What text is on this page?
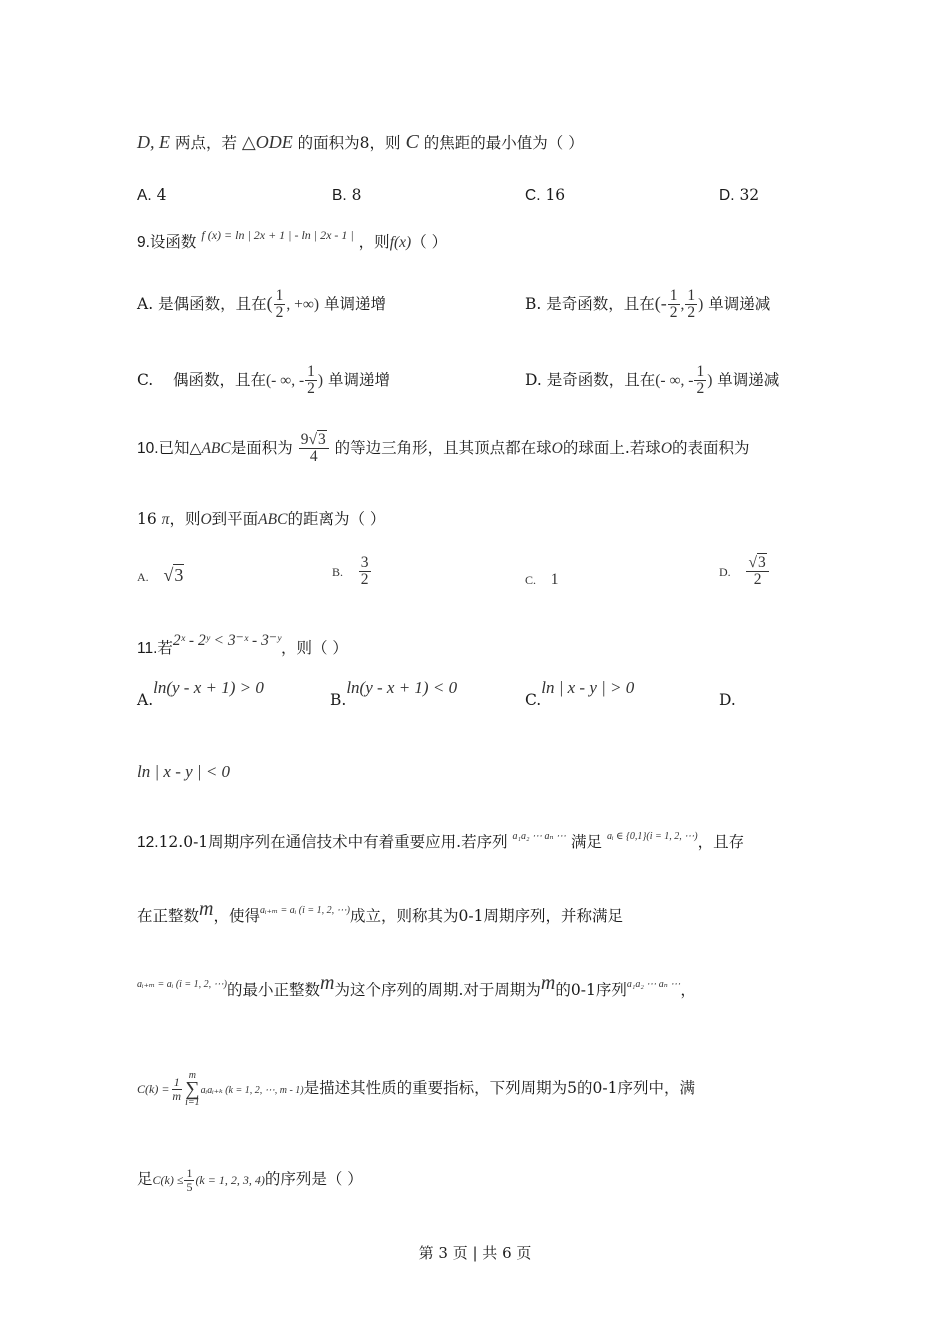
D, E 两点，若 △ODE 的面积为8，则 C 的焦距的最小值为（ ）
A. 4	B. 8	C. 16	D. 32
9.设函数 $^{f (x) = ln | 2x + 1 | - ln | 2x - 1 |}$ ，则f(x)（ ）
A. 是偶函数，且在( $\frac{1}{2}$ , +∞) 单调递增	B. 是奇函数，且在(- $\frac{1}{2}$ , $\frac{1}{2}$ ) 单调递减
C. 偶函数，且在(- ∞, - $\frac{1}{2}$ ) 单调递增	D. 是奇函数，且在(- ∞, - $\frac{1}{2}$ ) 单调递减
10.已知△ABC是面积为 $\frac{9√3}{4}$ 的等边三角形，且其顶点都在球O的球面上.若球O的表面积为
16 π，则O到平面ABC的距离为（ ）
A. √3	B. $\frac{3}{2}$	C. 1	D. $\frac{√3}{2}$
11.若2ˣ - 2ʸ < 3⁻ˣ - 3⁻ʸ，则（ ）
A.ln(y - x + 1) > 0
B.ln(y - x + 1) < 0
C.ln | x - y | > 0
D.
ln | x - y | < 0
12.12.0-1周期序列在通信技术中有着重要应用.若序列 $^{a_1a_2 \cdots a_n \cdots}$ 满足 $^{aᵢ \in \{0,1\}(i = 1, 2, \cdots)}$，且存
在正整数m，使得$^{aᵢ_{+m} = aᵢ (i = 1, 2, \cdots)}$成立，则称其为0-1周期序列，并称满足
$^{aᵢ_{+m} = aᵢ (i = 1, 2, \cdots)}$的最小正整数m为这个序列的周期.对于周期为m的0-1序列$^{a_1a_2 \cdots a_n \cdots}$，
$C(k) = \frac{1}{m}$
m
∑
i=1
aᵢaᵢ₊ₖ (k = 1, 2, ⋯, m - 1)是描述其性质的重要指标，下列周期为5的0-1序列中，满
足$C(k) \le \frac{1}{5} (k = 1$, 2, 3, 4)的序列是（ ）
第 3 页 | 共 6 页
